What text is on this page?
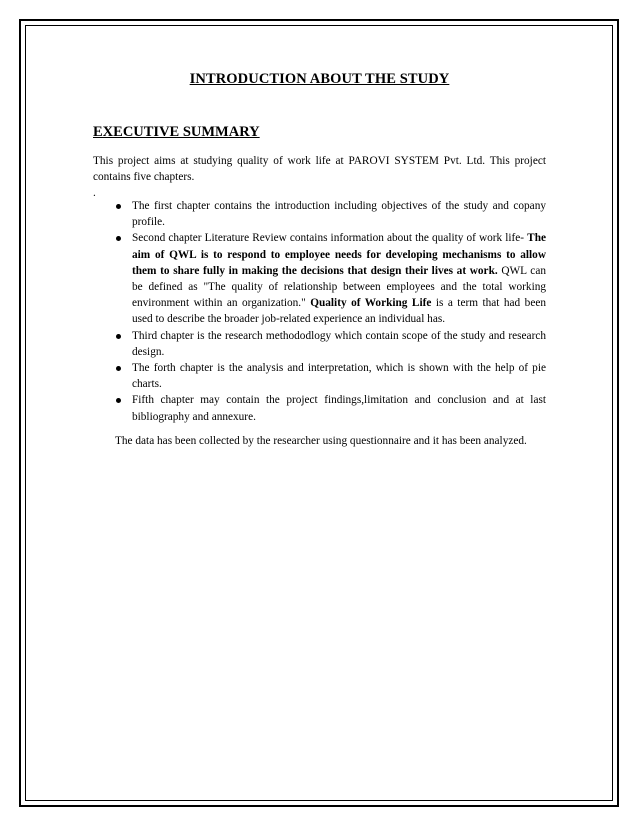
INTRODUCTION ABOUT THE STUDY
EXECUTIVE SUMMARY
This project aims at studying quality of work life at PAROVI SYSTEM Pvt. Ltd. This project contains five chapters.
.
The first chapter contains the introduction including objectives of the study and copany profile.
Second chapter Literature Review contains information about the quality of work life- The aim of QWL is to respond to employee needs for developing mechanisms to allow them to share fully in making the decisions that design their lives at work. QWL can be defined as "The quality of relationship between employees and the total working environment within an organization." Quality of Working Life is a term that had been used to describe the broader job-related experience an individual has.
Third chapter is the research methododlogy which contain scope of the study and research design.
The forth chapter is the analysis and interpretation, which is shown with the help of pie charts.
Fifth chapter may contain the project findings,limitation and conclusion and at last bibliography and annexure.
The data has been collected by the researcher using questionnaire and it has been analyzed.
